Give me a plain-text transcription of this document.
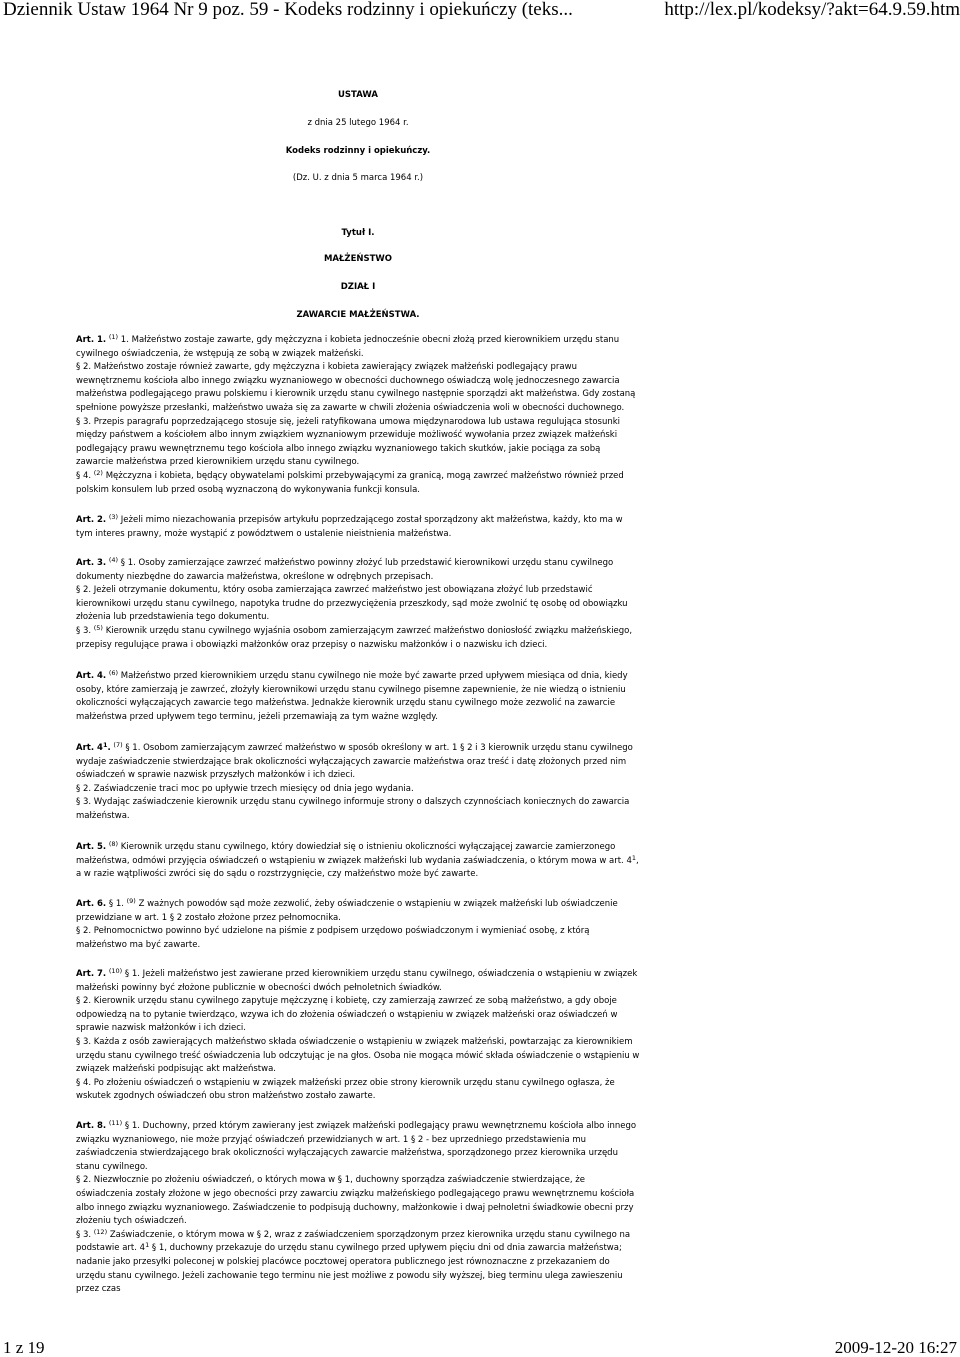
Dziennik Ustaw 1964 Nr 9 poz. 59 - Kodeks rodzinny i opiekuńczy (teks...	http://lex.pl/kodeksy/?akt=64.9.59.htm
USTAWA
z dnia 25 lutego 1964 r.
Kodeks rodzinny i opiekuńczy.
(Dz. U. z dnia 5 marca 1964 r.)
Tytuł I.
MAŁŻEŃSTWO
DZIAŁ I
ZAWARCIE MAŁŻEŃSTWA.

Art. 1. $^{(1)}$ 1. Małżeństwo zostaje zawarte, gdy mężczyzna i kobieta jednocześnie obecni złożą przed kierownikiem urzędu stanu cywilnego oświadczenia, że wstępują ze sobą w związek małżeński.

§ 2. Małżeństwo zostaje również zawarte, gdy mężczyzna i kobieta zawierający związek małżeński podlegający prawu wewnętrznemu kościoła albo innego związku wyznaniowego w obecności duchownego oświadczą wolę jednoczesnego zawarcia małżeństwa podlegającego prawu polskiemu i kierownik urzędu stanu cywilnego następnie sporządzi akt małżeństwa. Gdy zostaną spełnione powyższe przesłanki, małżeństwo uważa się za zawarte w chwili złożenia oświadczenia woli w obecności duchownego.

§ 3. Przepis paragrafu poprzedzającego stosuje się, jeżeli ratyfikowana umowa międzynarodowa lub ustawa regulująca stosunki między państwem a kościołem albo innym związkiem wyznaniowym przewiduje możliwość wywołania przez związek małżeński podlegający prawu wewnętrznemu tego kościoła albo innego związku wyznaniowego takich skutków, jakie pociąga za sobą zawarcie małżeństwa przed kierownikiem urzędu stanu cywilnego.

§ 4. $^{(2)}$ Mężczyzna i kobieta, będący obywatelami polskimi przebywającymi za granicą, mogą zawrzeć małżeństwo również przed polskim konsulem lub przed osobą wyznaczoną do wykonywania funkcji konsula.

Art. 2. $^{(3)}$ Jeżeli mimo niezachowania przepisów artykułu poprzedzającego został sporządzony akt małżeństwa, każdy, kto ma w tym interes prawny, może wystąpić z powództwem o ustalenie nieistnienia małżeństwa.

Art. 3. $^{(4)}$ § 1. Osoby zamierzające zawrzeć małżeństwo powinny złożyć lub przedstawić kierownikowi urzędu stanu cywilnego dokumenty niezbędne do zawarcia małżeństwa, określone w odrębnych przepisach.

§ 2. Jeżeli otrzymanie dokumentu, który osoba zamierzająca zawrzeć małżeństwo jest obowiązana złożyć lub przedstawić kierownikowi urzędu stanu cywilnego, napotyka trudne do przezwyciężenia przeszkody, sąd może zwolnić tę osobę od obowiązku złożenia lub przedstawienia tego dokumentu.

§ 3. $^{(5)}$ Kierownik urzędu stanu cywilnego wyjaśnia osobom zamierzającym zawrzeć małżeństwo doniosłość związku małżeńskiego, przepisy regulujące prawa i obowiązki małżonków oraz przepisy o nazwisku małżonków i o nazwisku ich dzieci.

Art. 4. $^{(6)}$ Małżeństwo przed kierownikiem urzędu stanu cywilnego nie może być zawarte przed upływem miesiąca od dnia, kiedy osoby, które zamierzają je zawrzeć, złożyły kierownikowi urzędu stanu cywilnego pisemne zapewnienie, że nie wiedzą o istnieniu okoliczności wyłączających zawarcie tego małżeństwa. Jednakże kierownik urzędu stanu cywilnego może zezwolić na zawarcie małżeństwa przed upływem tego terminu, jeżeli przemawiają za tym ważne względy.

Art. $4^1$. $^{(7)}$ § 1. Osobom zamierzającym zawrzeć małżeństwo w sposób określony w art. 1 § 2 i 3 kierownik urzędu stanu cywilnego wydaje zaświadczenie stwierdzające brak okoliczności wyłączających zawarcie małżeństwa oraz treść i datę złożonych przed nim oświadczeń w sprawie nazwisk przyszłych małżonków i ich dzieci.

§ 2. Zaświadczenie traci moc po upływie trzech miesięcy od dnia jego wydania.

§ 3. Wydając zaświadczenie kierownik urzędu stanu cywilnego informuje strony o dalszych czynnościach koniecznych do zawarcia małżeństwa.

Art. 5. $^{(8)}$ Kierownik urzędu stanu cywilnego, który dowiedział się o istnieniu okoliczności wyłączającej zawarcie zamierzonego małżeństwa, odmówi przyjęcia oświadczeń o wstąpieniu w związek małżeński lub wydania zaświadczenia, o którym mowa w art. $4^1$, a w razie wątpliwości zwróci się do sądu o rozstrzygnięcie, czy małżeństwo może być zawarte.

Art. 6. § 1. $^{(9)}$ Z ważnych powodów sąd może zezwolić, żeby oświadczenie o wstąpieniu w związek małżeński lub oświadczenie przewidziane w art. 1 § 2 zostało złożone przez pełnomocnika.

§ 2. Pełnomocnictwo powinno być udzielone na piśmie z podpisem urzędowo poświadczonym i wymieniać osobę, z którą małżeństwo ma być zawarte.

Art. 7. $^{(10)}$ § 1. Jeżeli małżeństwo jest zawierane przed kierownikiem urzędu stanu cywilnego, oświadczenia o wstąpieniu w związek małżeński powinny być złożone publicznie w obecności dwóch pełnoletnich świadków.

§ 2. Kierownik urzędu stanu cywilnego zapytuje mężczyznę i kobietę, czy zamierzają zawrzeć ze sobą małżeństwo, a gdy oboje odpowiedzą na to pytanie twierdząco, wzywa ich do złożenia oświadczeń o wstąpieniu w związek małżeński oraz oświadczeń w sprawie nazwisk małżonków i ich dzieci.

§ 3. Każda z osób zawierających małżeństwo składa oświadczenie o wstąpieniu w związek małżeński, powtarzając za kierownikiem urzędu stanu cywilnego treść oświadczenia lub odczytując je na głos. Osoba nie mogąca mówić składa oświadczenie o wstąpieniu w związek małżeński podpisując akt małżeństwa.

§ 4. Po złożeniu oświadczeń o wstąpieniu w związek małżeński przez obie strony kierownik urzędu stanu cywilnego ogłasza, że wskutek zgodnych oświadczeń obu stron małżeństwo zostało zawarte.

Art. 8. $^{(11)}$ § 1. Duchowny, przed którym zawierany jest związek małżeński podlegający prawu wewnętrznemu kościoła albo innego związku wyznaniowego, nie może przyjąć oświadczeń przewidzianych w art. 1 § 2 - bez uprzedniego przedstawienia mu zaświadczenia stwierdzającego brak okoliczności wyłączających zawarcie małżeństwa, sporządzonego przez kierownika urzędu stanu cywilnego.

§ 2. Niezwłocznie po złożeniu oświadczeń, o których mowa w § 1, duchowny sporządza zaświadczenie stwierdzające, że oświadczenia zostały złożone w jego obecności przy zawarciu związku małżeńskiego podlegającego prawu wewnętrznemu kościoła albo innego związku wyznaniowego. Zaświadczenie to podpisują duchowny, małżonkowie i dwaj pełnoletni świadkowie obecni przy złożeniu tych oświadczeń.

§ 3. $^{(12)}$ Zaświadczenie, o którym mowa w § 2, wraz z zaświadczeniem sporządzonym przez kierownika urzędu stanu cywilnego na podstawie art. $4^1$ § 1, duchowny przekazuje do urzędu stanu cywilnego przed upływem pięciu dni od dnia zawarcia małżeństwa; nadanie jako przesyłki poleconej w polskiej placówce pocztowej operatora publicznego jest równoznaczne z przekazaniem do urzędu stanu cywilnego. Jeżeli zachowanie tego terminu nie jest możliwe z powodu siły wyższej, bieg terminu ulega zawieszeniu przez czas

1 z 19	2009-12-20 16:27
